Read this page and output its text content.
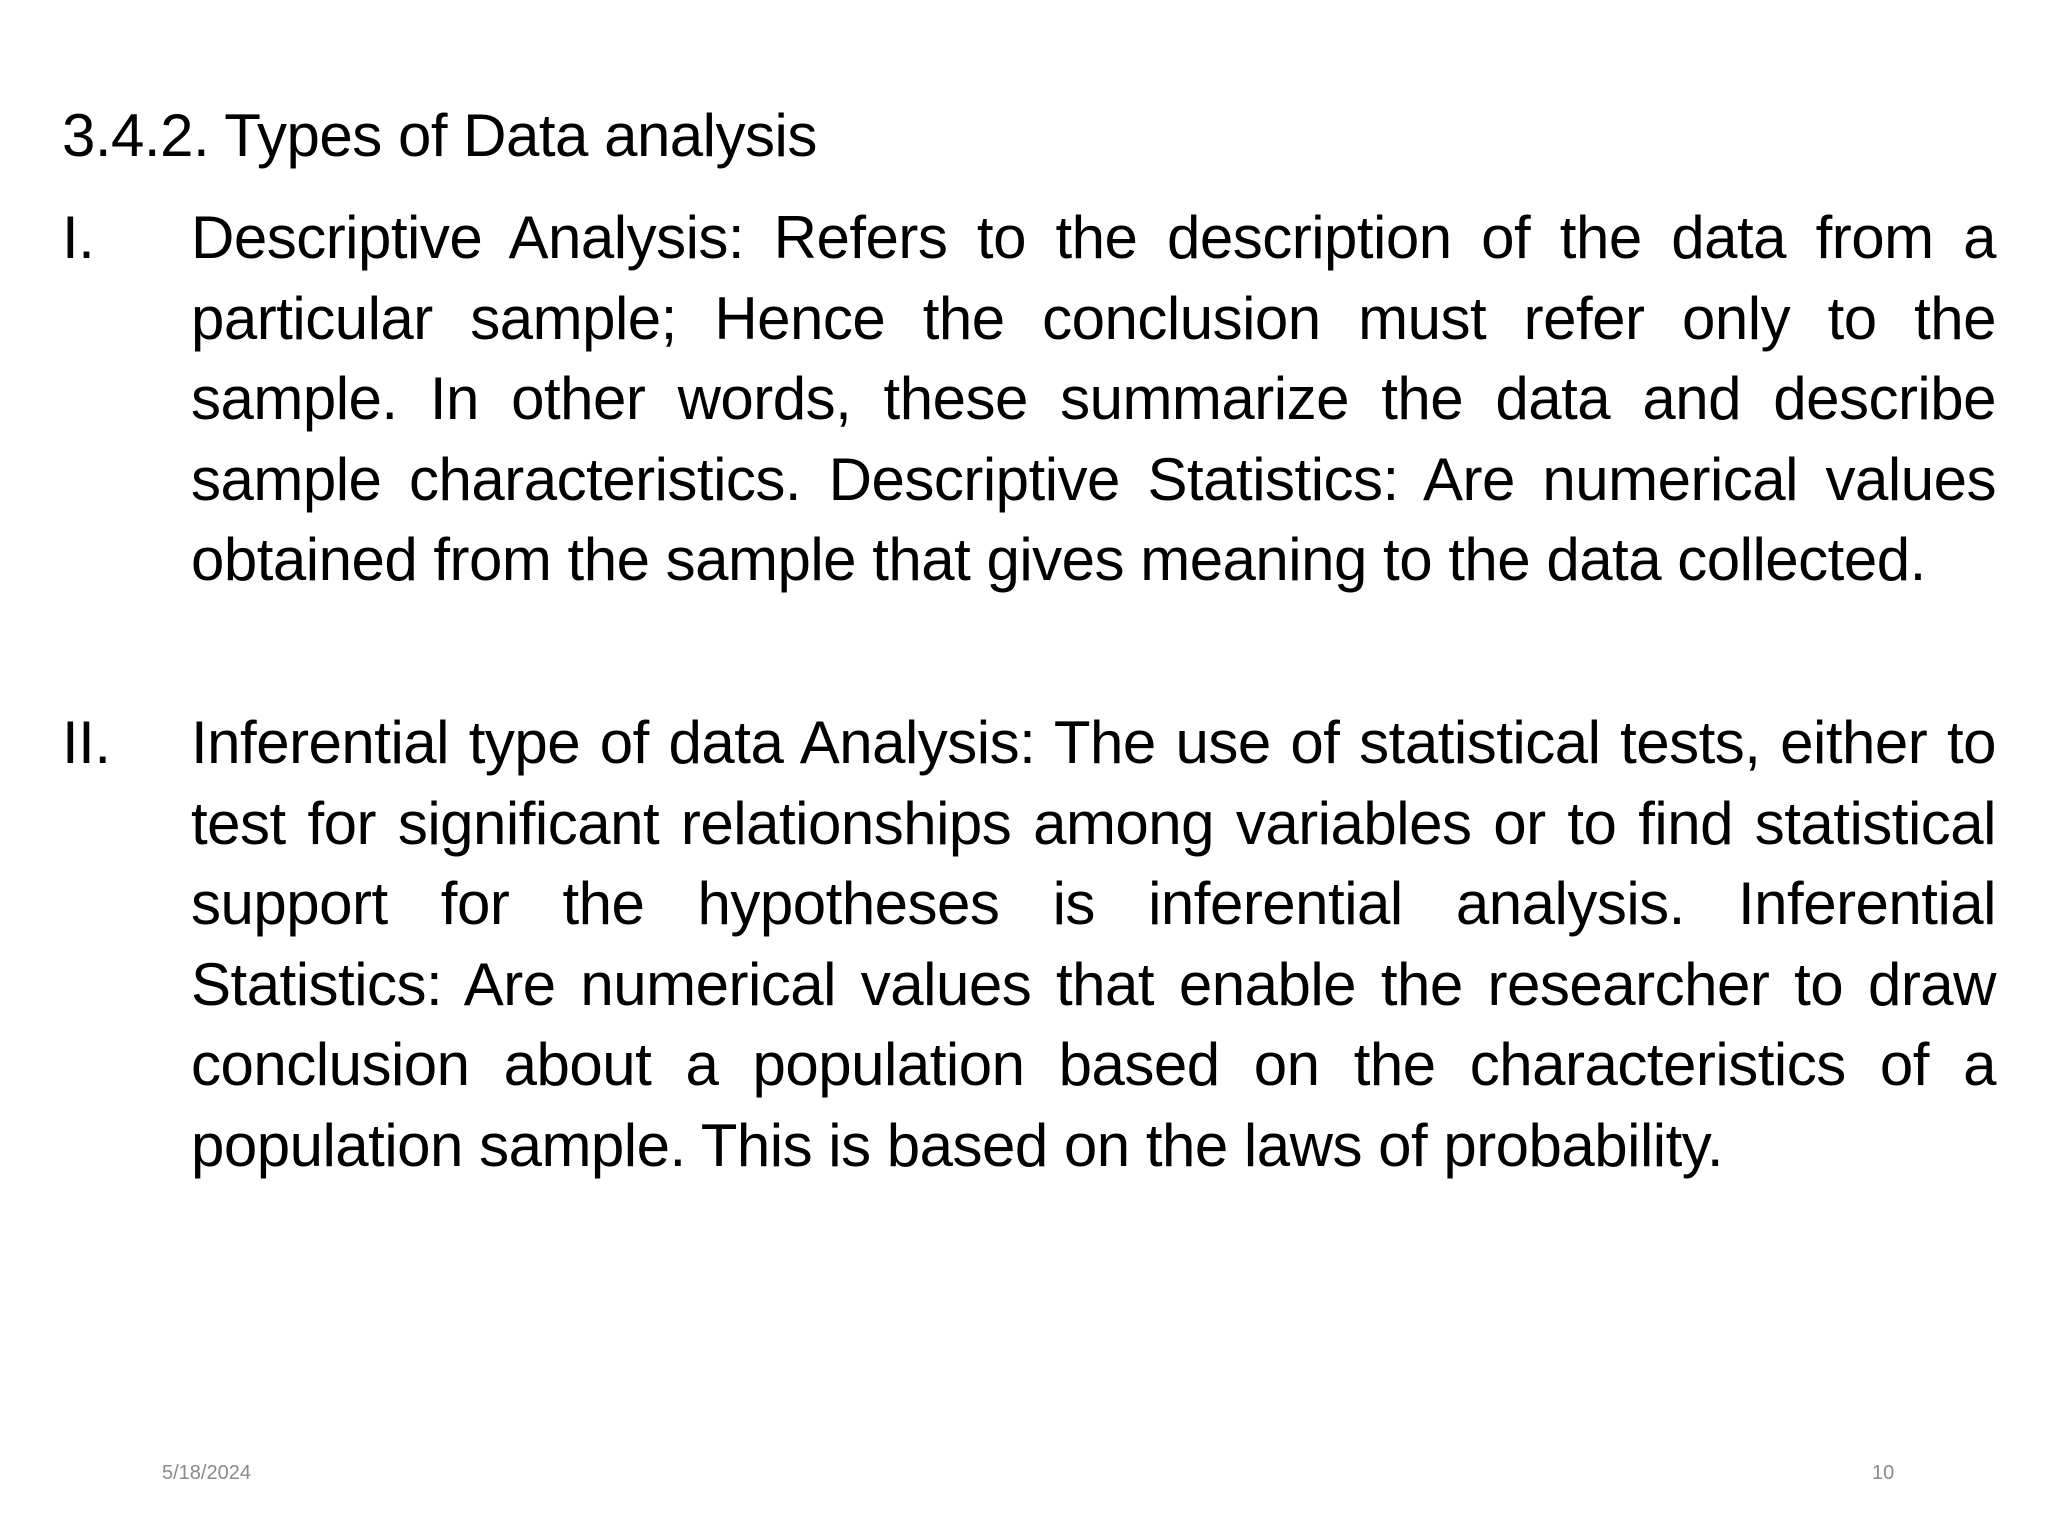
3.4.2. Types of Data analysis
I.	Descriptive Analysis: Refers to the description of the data from a particular sample; Hence the conclusion must refer only to the sample. In other words, these summarize the data and describe sample characteristics. Descriptive Statistics: Are numerical values obtained from the sample that gives meaning to the data collected.
II.	Inferential type of data Analysis: The use of statistical tests, either to test for significant relationships among variables or to find statistical support for the hypotheses is inferential analysis. Inferential Statistics: Are numerical values that enable the researcher to draw conclusion about a population based on the characteristics of a population sample. This is based on the laws of probability.
5/18/2024	10
